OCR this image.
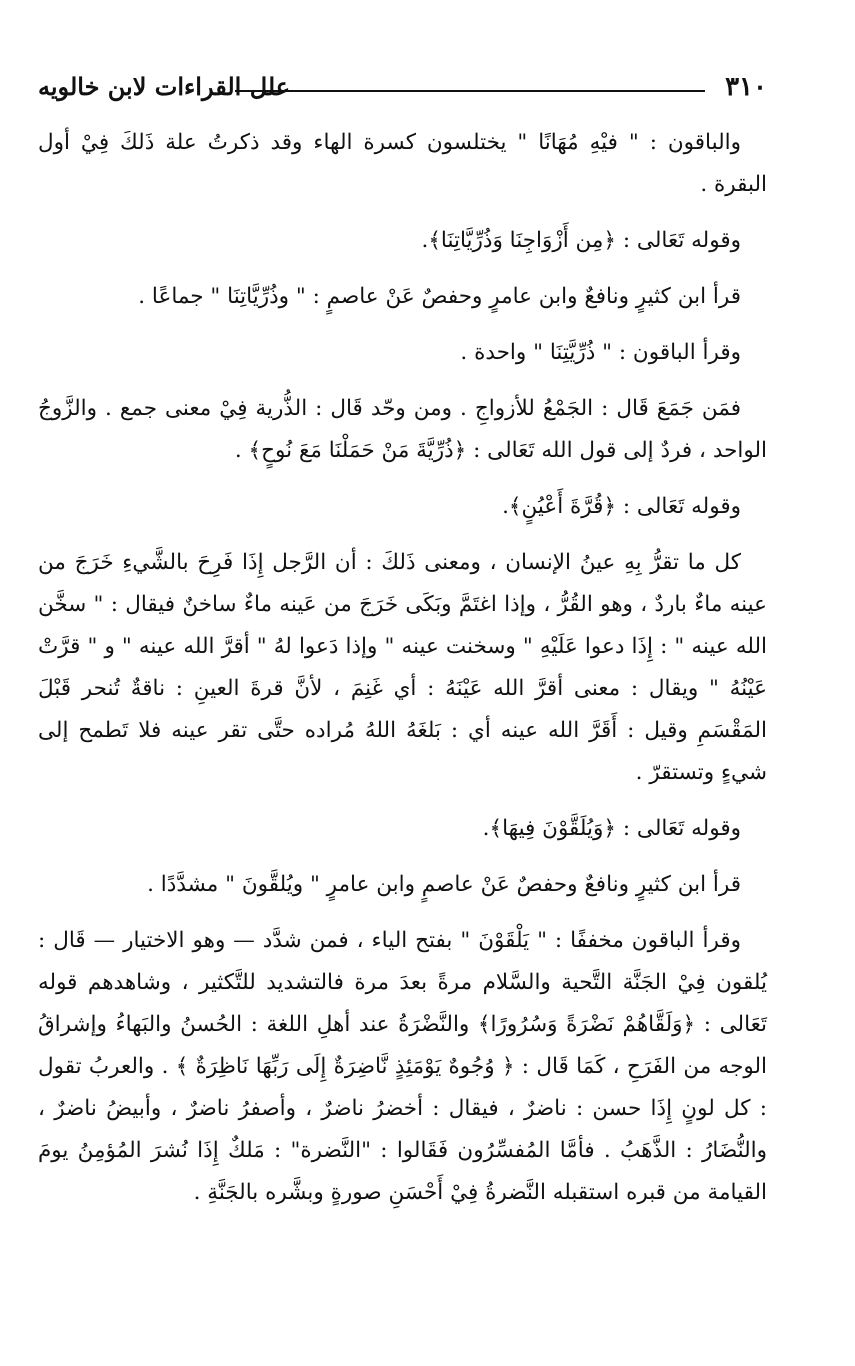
٣١٠
علل القراءات لابن خالويه

والباقون : " فيْهِ مُهَانًا " يختلسون كسرة الهاء وقد ذكرتُ علة ذَلكَ فِيْ أول البقرة .

وقوله تَعَالى : ﴿مِن أَزْوَاجِنَا وَذُرِّيَّاتِنَا﴾.

قرأ ابن كثيرٍ ونافعٌ وابن عامرٍ وحفصٌ عَنْ عاصمٍ : " وذُرِّيَّاتِنَا " جماعًا .

وقرأ الباقون : " ذُرِّيَّتِنَا " واحدة .

فمَن جَمَعَ قَال : الجَمْعُ للأزواجِ . ومن وحّد قَال : الذُّرية فِيْ معنى جمع . والزَّوجُ الواحد ، فردٌ إلى قول الله تَعَالى : ﴿ذُرِّيَّةَ مَنْ حَمَلْنَا مَعَ نُوحٍ﴾ .

وقوله تَعَالى : ﴿قُرَّةَ أَعْيُنٍ﴾.

كل ما تقرُّ بِهِ عينُ الإنسان ، ومعنى ذَلكَ : أن الرَّجل إِذَا فَرِحَ بالشَّيءِ خَرَجَ من عينه ماءٌ باردٌ ، وهو القُرُّ ، وإذا اغتَمَّ وبَكَى خَرَجَ من عَينه ماءٌ ساخنٌ فيقال : " سخَّن الله عينه " : إِذَا دعوا عَلَيْهِ " وسخنت عينه " وإذا دَعوا لهُ " أقرَّ الله عينه " و " قرَّتْ عَيْنُهُ " ويقال : معنى أقرَّ الله عَيْنَهُ : أي غَنِمَ ، لأنَّ قرةَ العينِ : ناقةٌ تُنحر قَبْلَ المَقْسَمِ وقيل : أَقَرَّ الله عينه أي : بَلغَهُ اللهُ مُراده حتَّى تقر عينه فلا تَطمح إلى شيءٍ وتستقرّ .

وقوله تَعَالى : ﴿وَيُلَقَّوْنَ فِيهَا﴾.

قرأ ابن كثيرٍ ونافعٌ وحفصٌ عَنْ عاصمٍ وابن عامرٍ " ويُلقَّونَ " مشدَّدًا .

وقرأ الباقون مخففًا : " يَلْقَوْنَ " بفتح الياء ، فمن شدَّد — وهو الاختيار — قَال : يُلقون فِيْ الجَنَّة التَّحية والسَّلام مرةً بعدَ مرة فالتشديد للتَّكثير ، وشاهدهم قوله تَعَالى : ﴿وَلَقَّاهُمْ نَضْرَةً وَسُرُورًا﴾ والنَّضْرَةُ عند أهلِ اللغة : الحُسنُ والبَهاءُ وإشراقُ الوجه من الفَرَحِ ، كَمَا قَال : ﴿ وُجُوهٌ يَوْمَئِذٍ نَّاضِرَةٌ إِلَى رَبِّهَا نَاظِرَةٌ ﴾ . والعربُ تقول : كل لونٍ إِذَا حسن : ناضرٌ ، فيقال : أخضرُ ناضرٌ ، وأصفرُ ناضرٌ ، وأبيضُ ناضرٌ ، والنُّضَارُ : الذَّهَبُ . فأمَّا المُفسِّرُون فَقَالوا : "النَّضرة" : مَلكٌ إِذَا نُشرَ المُؤمِنُ يومَ القيامة من قبره استقبله النَّضرةُ فِيْ أَحْسَنِ صورةٍ وبشَّره بالجَنَّةِ .
